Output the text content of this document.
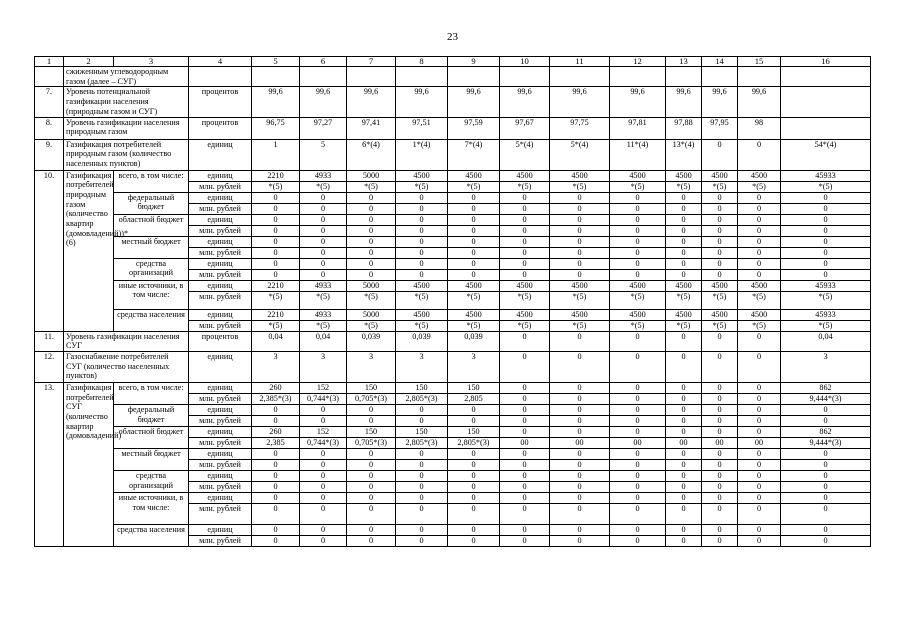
23
1	2	3	4	5	6	7	8	9	10	11	12	13	14	15	16
	сжиженным углеводородным газом (далее – СУГ)														
7.	Уровень потенциальной газификации населения (природным газом и СУГ)		процентов	99,6	99,6	99,6	99,6	99,6	99,6	99,6	99,6	99,6	99,6	99,6	
8.	Уровень газификации населения природным газом		процентов	96,75	97,27	97,41	97,51	97,59	97,67	97,75	97,81	97,88	97,95	98	
9.	Газификация потребителей природным газом (количество населенных пунктов)		единиц	1	5	6*(4)	1*(4)	7*(4)	5*(4)	5*(4)	11*(4)	13*(4)	0	0	54*(4)
10.	Газификация потребителей природным газом (количество квартир (домовладений))*(6)	всего, в том числе:	единиц	2210	4933	5000	4500	4500	4500	4500	4500	4500	4500	4500	45933
			млн. рублей	*(5)	*(5)	*(5)	*(5)	*(5)	*(5)	*(5)	*(5)	*(5)	*(5)	*(5)	*(5)
		федеральный бюджет	единиц	0	0	0	0	0	0	0	0	0	0	0	0
			млн. рублей	0	0	0	0	0	0	0	0	0	0	0	0
		областной бюджет	единиц	0	0	0	0	0	0	0	0	0	0	0	0
			млн. рублей	0	0	0	0	0	0	0	0	0	0	0	0
		местный бюджет	единиц	0	0	0	0	0	0	0	0	0	0	0	0
			млн. рублей	0	0	0	0	0	0	0	0	0	0	0	0
		средства организаций	единиц	0	0	0	0	0	0	0	0	0	0	0	0
			млн. рублей	0	0	0	0	0	0	0	0	0	0	0	0
		иные источники, в том числе:	единиц	2210	4933	5000	4500	4500	4500	4500	4500	4500	4500	4500	45933
			млн. рублей	*(5)	*(5)	*(5)	*(5)	*(5)	*(5)	*(5)	*(5)	*(5)	*(5)	*(5)	*(5)
		средства населения	единиц	2210	4933	5000	4500	4500	4500	4500	4500	4500	4500	4500	45933
			млн. рублей	*(5)	*(5)	*(5)	*(5)	*(5)	*(5)	*(5)	*(5)	*(5)	*(5)	*(5)	*(5)
11.	Уровень газификации населения СУГ		процентов	0,04	0,04	0,039	0,039	0,039	0	0	0	0	0	0	0,04
12.	Газоснабжение потребителей СУГ (количество населенных пунктов)		единиц	3	3	3	3	3	0	0	0	0	0	0	3
13.	Газификация потребителей СУГ (количество квартир (домовладений)	всего, в том числе:	единиц	260	152	150	150	150	0	0	0	0	0	0	862
			млн. рублей	2,385*(3)	0,744*(3)	0,705*(3)	2,805*(3)	2,805	0	0	0	0	0	0	9,444*(3)
		федеральный бюджет	единиц	0	0	0	0	0	0	0	0	0	0	0	0
			млн. рублей	0	0	0	0	0	0	0	0	0	0	0	0
		областной бюджет	единиц	260	152	150	150	150	0	0	0	0	0	0	862
			млн. рублей	2,385	0,744*(3)	0,705*(3)	2,805*(3)	2,805*(3)	00	00	00	00	00	00	9,444*(3)
		местный бюджет	единиц	0	0	0	0	0	0	0	0	0	0	0	0
			млн. рублей	0	0	0	0	0	0	0	0	0	0	0	0
		средства организаций	единиц	0	0	0	0	0	0	0	0	0	0	0	0
			млн. рублей	0	0	0	0	0	0	0	0	0	0	0	0
		иные источники, в том числе:	единиц	0	0	0	0	0	0	0	0	0	0	0	0
			млн. рублей	0	0	0	0	0	0	0	0	0	0	0	0
		средства населения	единиц	0	0	0	0	0	0	0	0	0	0	0	0
			млн. рублей	0	0	0	0	0	0	0	0	0	0	0	0
